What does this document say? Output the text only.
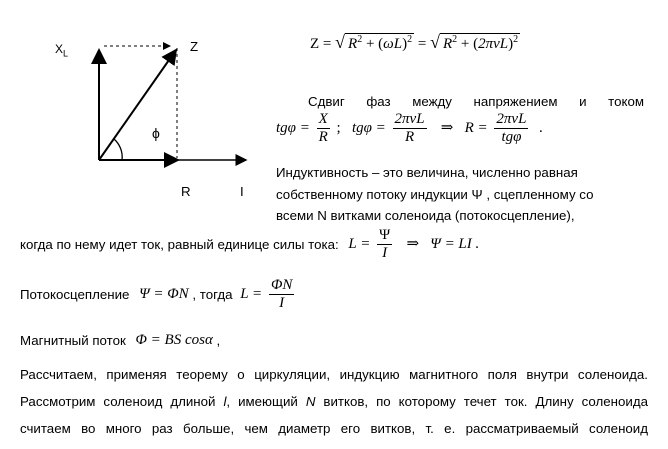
$X_L$	Z
ϕ
R	I
Z = √ $R^2 + (\omega L)^2$ = √ $R^2 + (2\pi\nu L)^2$
Сдвиг фаз между напряжением и током
$tg\varphi = \frac{X}{R}$ ; $tg\varphi = \frac{\text{2πνL}}{R}$ ⇒ $R = \frac{\text{2πνL}}{\text{tgφ}}$ .
Индуктивность – это величина, численно равная
собственному потоку индукции Ψ , сцепленному со
всеми N витками соленоида (потокосцепление),
когда по нему идет ток, равный единице силы тока: $L = \frac{\Psi}{I}$ ⇒ Ψ = LI .
Потокосцепление Ψ = ΦN , тогда $L = \frac{\Phi N}{I}$
Магнитный поток Φ = BS cosα ,
Рассчитаем, применяя теорему о циркуляции, индукцию магнитного поля внутри соленоида.
Рассмотрим соленоид длиной l, имеющий N витков, по которому течет ток. Длину соленоида
считаем во много раз больше, чем диаметр его витков, т. е. рассматриваемый соленоид
